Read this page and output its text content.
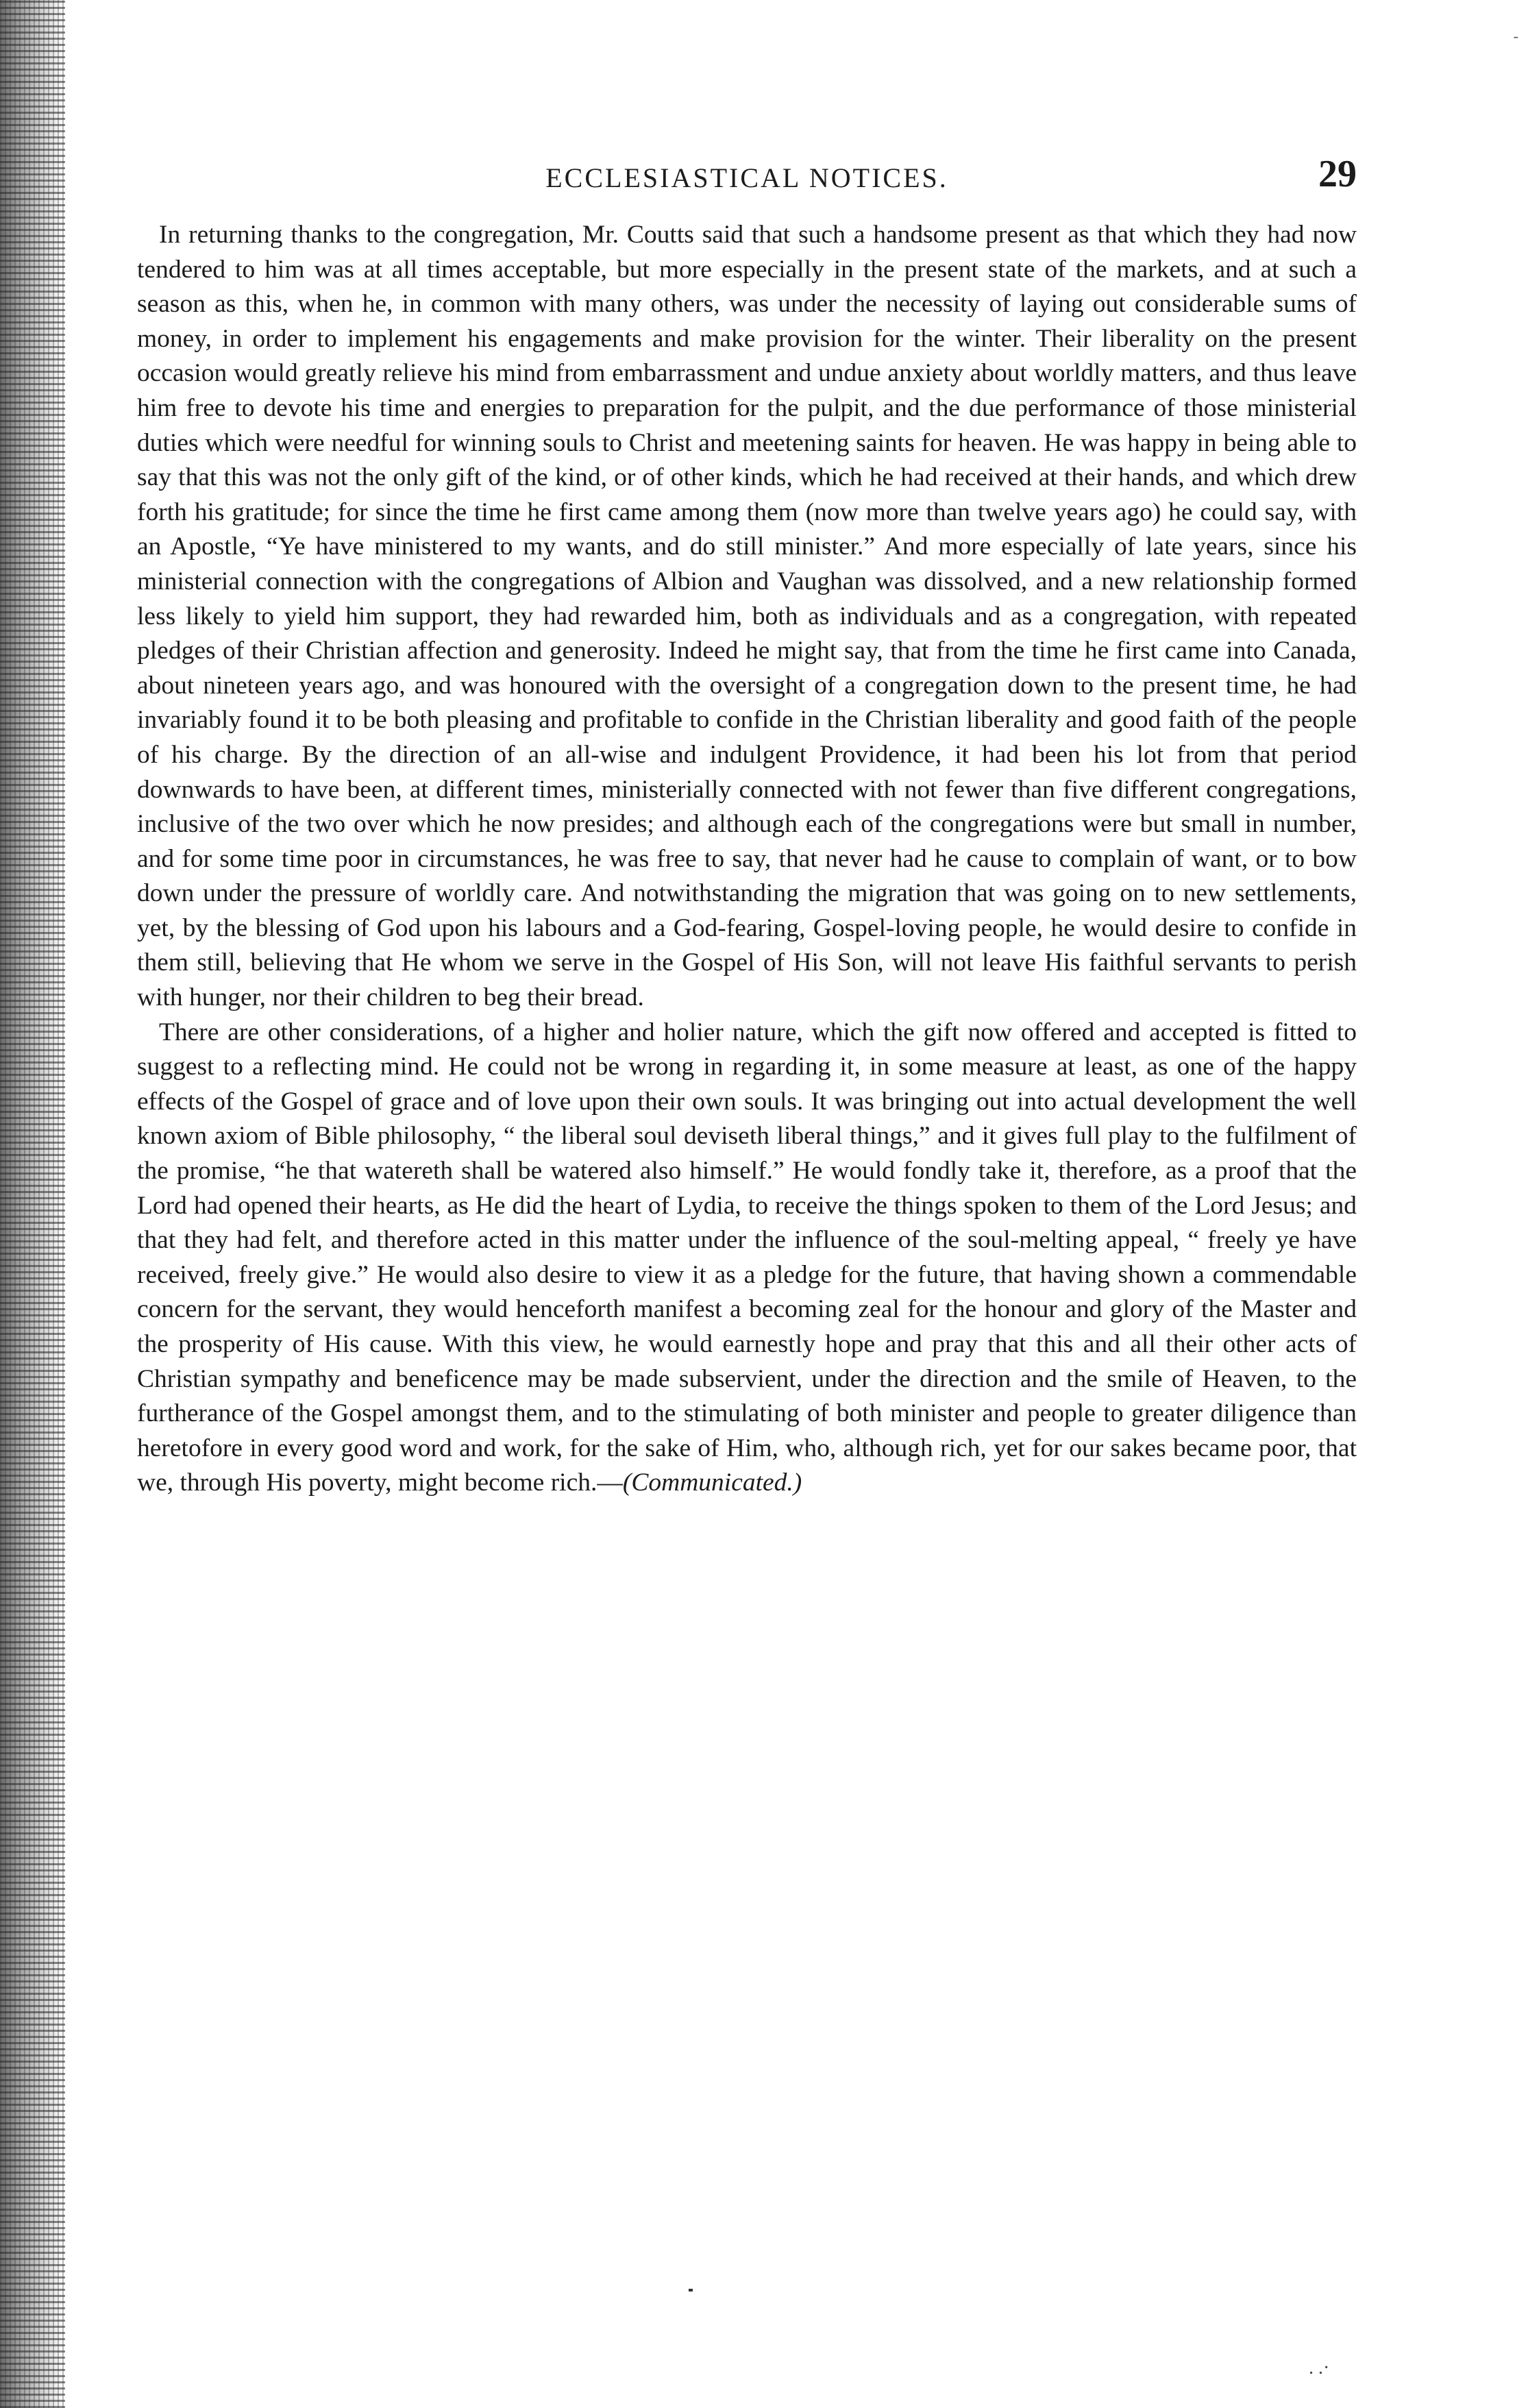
-

ECCLESIASTICAL NOTICES.	29

In returning thanks to the congregation, Mr. Coutts said that such a handsome present as that which they had now tendered to him was at all times acceptable, but more especially in the present state of the markets, and at such a season as this, when he, in common with many others, was under the necessity of laying out considerable sums of money, in order to implement his engagements and make provision for the winter. Their liberality on the present occasion would greatly relieve his mind from embarrassment and undue anxiety about worldly matters, and thus leave him free to devote his time and energies to preparation for the pulpit, and the due performance of those ministerial duties which were needful for winning souls to Christ and meetening saints for heaven. He was happy in being able to say that this was not the only gift of the kind, or of other kinds, which he had received at their hands, and which drew forth his gratitude; for since the time he first came among them (now more than twelve years ago) he could say, with an Apostle, “Ye have ministered to my wants, and do still minister.” And more especially of late years, since his ministerial connection with the congregations of Albion and Vaughan was dissolved, and a new relationship formed less likely to yield him support, they had rewarded him, both as individuals and as a congregation, with repeated pledges of their Christian affection and generosity. Indeed he might say, that from the time he first came into Canada, about nineteen years ago, and was honoured with the oversight of a congregation down to the present time, he had invariably found it to be both pleasing and profitable to confide in the Christian liberality and good faith of the people of his charge. By the direction of an all-wise and indulgent Providence, it had been his lot from that period downwards to have been, at different times, ministerially connected with not fewer than five different congregations, inclusive of the two over which he now presides; and although each of the congregations were but small in number, and for some time poor in circumstances, he was free to say, that never had he cause to complain of want, or to bow down under the pressure of worldly care. And notwithstanding the migration that was going on to new settlements, yet, by the blessing of God upon his labours and a God-fearing, Gospel-loving people, he would desire to confide in them still, believing that He whom we serve in the Gospel of His Son, will not leave His faithful servants to perish with hunger, nor their children to beg their bread.

There are other considerations, of a higher and holier nature, which the gift now offered and accepted is fitted to suggest to a reflecting mind. He could not be wrong in regarding it, in some measure at least, as one of the happy effects of the Gospel of grace and of love upon their own souls. It was bringing out into actual development the well known axiom of Bible philosophy, “ the liberal soul deviseth liberal things,” and it gives full play to the fulfilment of the promise, “he that watereth shall be watered also himself.” He would fondly take it, therefore, as a proof that the Lord had opened their hearts, as He did the heart of Lydia, to receive the things spoken to them of the Lord Jesus; and that they had felt, and therefore acted in this matter under the influence of the soul-melting appeal, “ freely ye have received, freely give.” He would also desire to view it as a pledge for the future, that having shown a commendable concern for the servant, they would henceforth manifest a becoming zeal for the honour and glory of the Master and the prosperity of His cause. With this view, he would earnestly hope and pray that this and all their other acts of Christian sympathy and beneficence may be made subservient, under the direction and the smile of Heaven, to the furtherance of the Gospel amongst them, and to the stimulating of both minister and people to greater diligence than heretofore in every good word and work, for the sake of Him, who, although rich, yet for our sakes became poor, that we, through His poverty, might become rich.—(Communicated.)

. .·
